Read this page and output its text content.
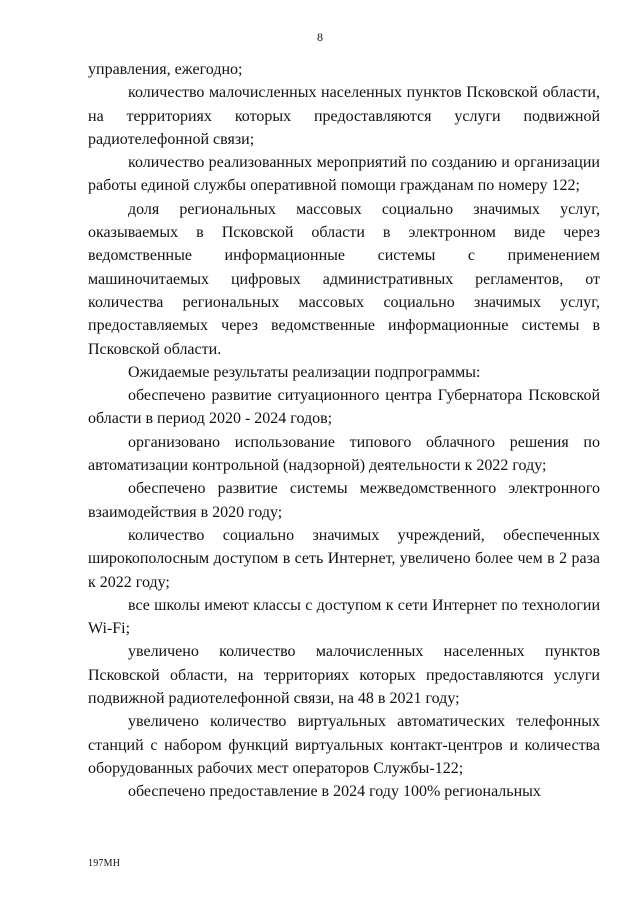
8

управления, ежегодно;

количество малочисленных населенных пунктов Псковской области, на территориях которых предоставляются услуги подвижной радиотелефонной связи;

количество реализованных мероприятий по созданию и организации работы единой службы оперативной помощи гражданам по номеру 122;

доля региональных массовых социально значимых услуг, оказываемых в Псковской области в электронном виде через ведомственные информационные системы с применением машиночитаемых цифровых административных регламентов, от количества региональных массовых социально значимых услуг, предоставляемых через ведомственные информационные системы в Псковской области.

Ожидаемые результаты реализации подпрограммы:

обеспечено развитие ситуационного центра Губернатора Псковской области в период 2020 - 2024 годов;

организовано использование типового облачного решения по автоматизации контрольной (надзорной) деятельности к 2022 году;

обеспечено развитие системы межведомственного электронного взаимодействия в 2020 году;

количество социально значимых учреждений, обеспеченных широкополосным доступом в сеть Интернет, увеличено более чем в 2 раза к 2022 году;

все школы имеют классы с доступом к сети Интернет по технологии Wi-Fi;

увеличено количество малочисленных населенных пунктов Псковской области, на территориях которых предоставляются услуги подвижной радиотелефонной связи, на 48 в 2021 году;

увеличено количество виртуальных автоматических телефонных станций с набором функций виртуальных контакт-центров и количества оборудованных рабочих мест операторов Службы-122;

обеспечено предоставление в 2024 году 100% региональных

197МН
